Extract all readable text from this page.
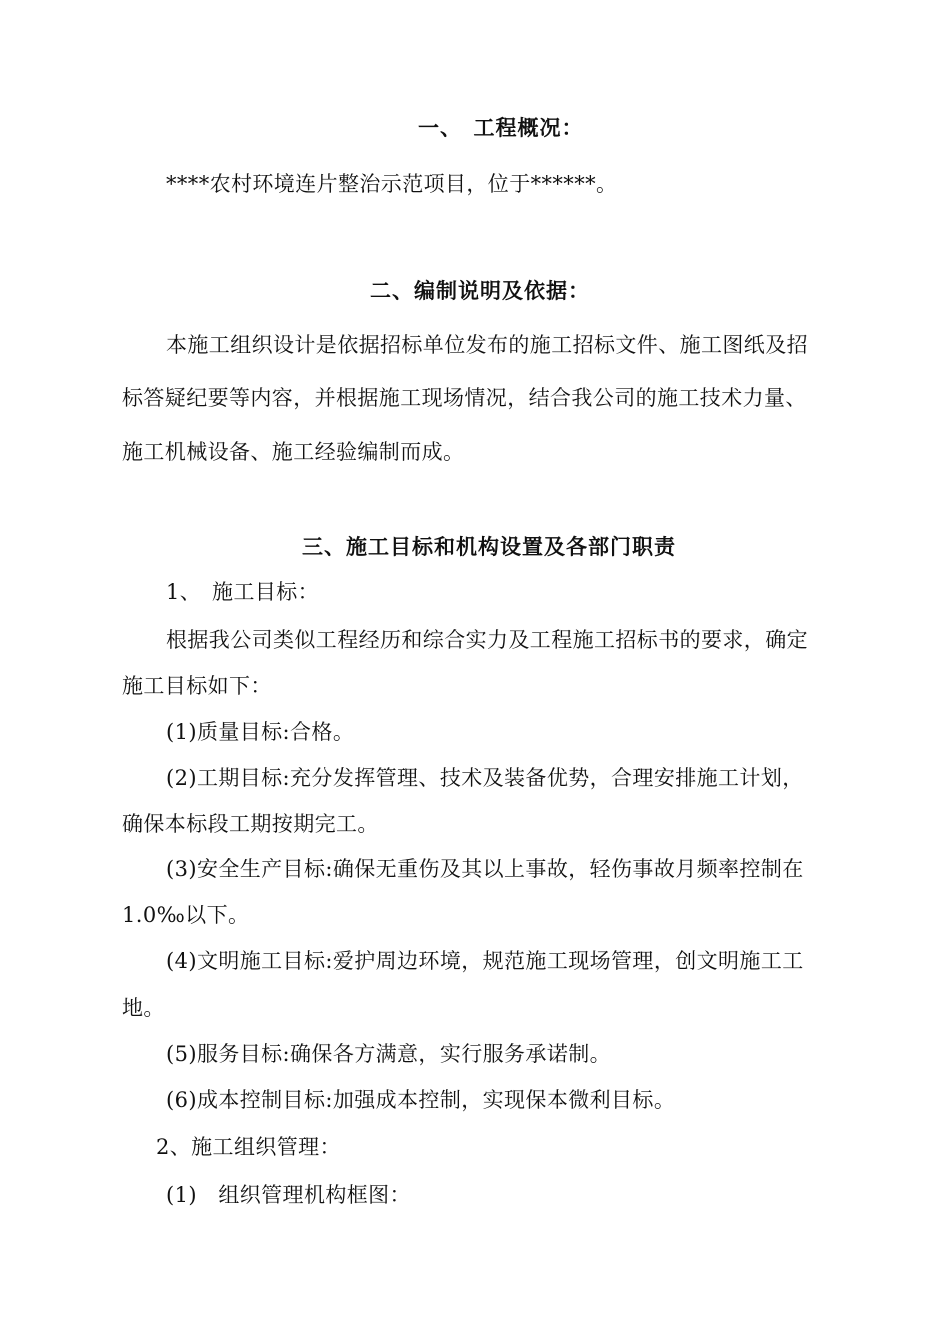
一、　工程概况：
****农村环境连片整治示范项目，位于******。
二、编制说明及依据：
本施工组织设计是依据招标单位发布的施工招标文件、施工图纸及招
标答疑纪要等内容，并根据施工现场情况，结合我公司的施工技术力量、
施工机械设备、施工经验编制而成。
三、施工目标和机构设置及各部门职责
1、　施工目标：
根据我公司类似工程经历和综合实力及工程施工招标书的要求，确定
施工目标如下：
(1)质量目标:合格。
(2)工期目标:充分发挥管理、技术及装备优势，合理安排施工计划，
确保本标段工期按期完工。
(3)安全生产目标:确保无重伤及其以上事故，轻伤事故月频率控制在
1.0‰以下。
(4)文明施工目标:爱护周边环境，规范施工现场管理，创文明施工工
地。
(5)服务目标:确保各方满意，实行服务承诺制。
(6)成本控制目标:加强成本控制，实现保本微利目标。
2、施工组织管理：
(1)　组织管理机构框图：
